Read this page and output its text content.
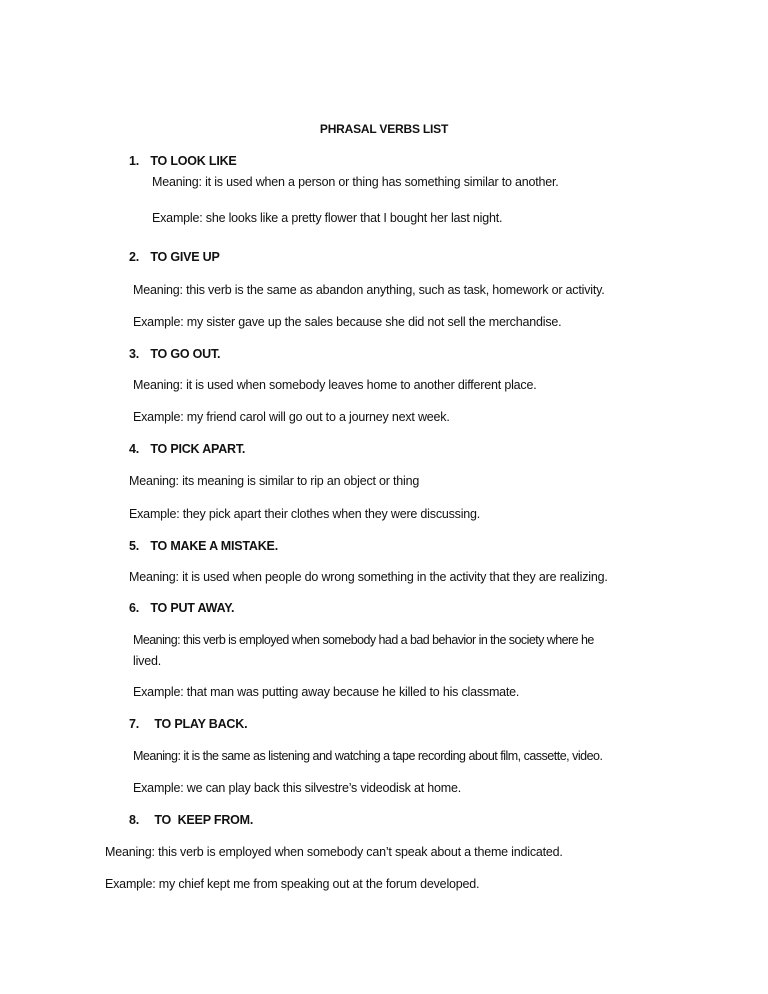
PHRASAL VERBS LIST
1. TO LOOK LIKE
Meaning: it is used when a person or thing has something similar to another.
Example: she looks like a pretty flower that I bought her last night.
2. TO GIVE UP
Meaning: this verb is the same as abandon anything, such as task, homework or activity.
Example: my sister gave up the sales because she did not sell the merchandise.
3. TO GO OUT.
Meaning: it is used when somebody leaves home to another different place.
Example: my friend carol will go out to a journey next week.
4. TO PICK APART.
Meaning: its meaning is similar to rip an object or thing
Example: they pick apart their clothes when they were discussing.
5. TO MAKE A MISTAKE.
Meaning: it is used when people do wrong something in the activity that they are realizing.
6. TO PUT AWAY.
Meaning: this verb is employed when somebody had a bad behavior in the society where he
lived.
Example: that man was putting away because he killed to his classmate.
7. TO PLAY BACK.
Meaning: it is the same as listening and watching a tape recording about film, cassette, video.
Example: we can play back this silvestre’s videodisk at home.
8. TO  KEEP FROM.
Meaning: this verb is employed when somebody can’t speak about a theme indicated.
Example: my chief kept me from speaking out at the forum developed.
